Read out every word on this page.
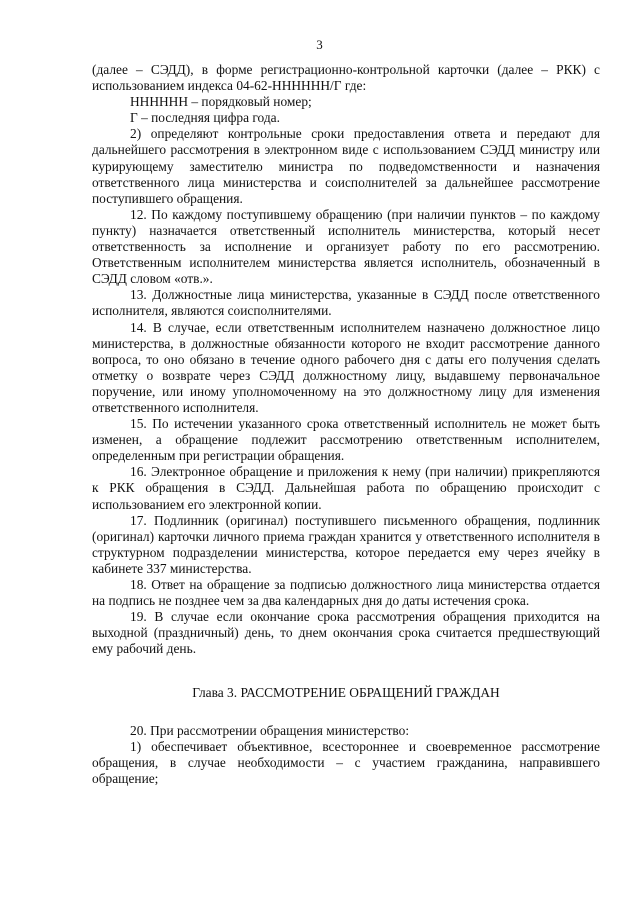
3

(далее – СЭДД), в форме регистрационно-контрольной карточки (далее – РКК) с использованием индекса 04-62-НННННН/Г где:

НННННН – порядковый номер;

Г – последняя цифра года.

2) определяют контрольные сроки предоставления ответа и передают для дальнейшего рассмотрения в электронном виде с использованием СЭДД министру или курирующему заместителю министра по подведомственности и назначения ответственного лица министерства и соисполнителей за дальнейшее рассмотрение поступившего обращения.

12. По каждому поступившему обращению (при наличии пунктов – по каждому пункту) назначается ответственный исполнитель министерства, который несет ответственность за исполнение и организует работу по его рассмотрению. Ответственным исполнителем министерства является исполнитель, обозначенный в СЭДД словом «отв.».

13. Должностные лица министерства, указанные в СЭДД после ответственного исполнителя, являются соисполнителями.

14. В случае, если ответственным исполнителем назначено должностное лицо министерства, в должностные обязанности которого не входит рассмотрение данного вопроса, то оно обязано в течение одного рабочего дня с даты его получения сделать отметку о возврате через СЭДД должностному лицу, выдавшему первоначальное поручение, или иному уполномоченному на это должностному лицу для изменения ответственного исполнителя.

15. По истечении указанного срока ответственный исполнитель не может быть изменен, а обращение подлежит рассмотрению ответственным исполнителем, определенным при регистрации обращения.

16. Электронное обращение и приложения к нему (при наличии) прикрепляются к РКК обращения в СЭДД. Дальнейшая работа по обращению происходит с использованием его электронной копии.

17. Подлинник (оригинал) поступившего письменного обращения, подлинник (оригинал) карточки личного приема граждан хранится у ответственного исполнителя в структурном подразделении министерства, которое передается ему через ячейку в кабинете 337 министерства.

18. Ответ на обращение за подписью должностного лица министерства отдается на подпись не позднее чем за два календарных дня до даты истечения срока.

19. В случае если окончание срока рассмотрения обращения приходится на выходной (праздничный) день, то днем окончания срока считается предшествующий ему рабочий день.

Глава 3. РАССМОТРЕНИЕ ОБРАЩЕНИЙ ГРАЖДАН

20. При рассмотрении обращения министерство:

1) обеспечивает объективное, всестороннее и своевременное рассмотрение обращения, в случае необходимости – с участием гражданина, направившего обращение;
